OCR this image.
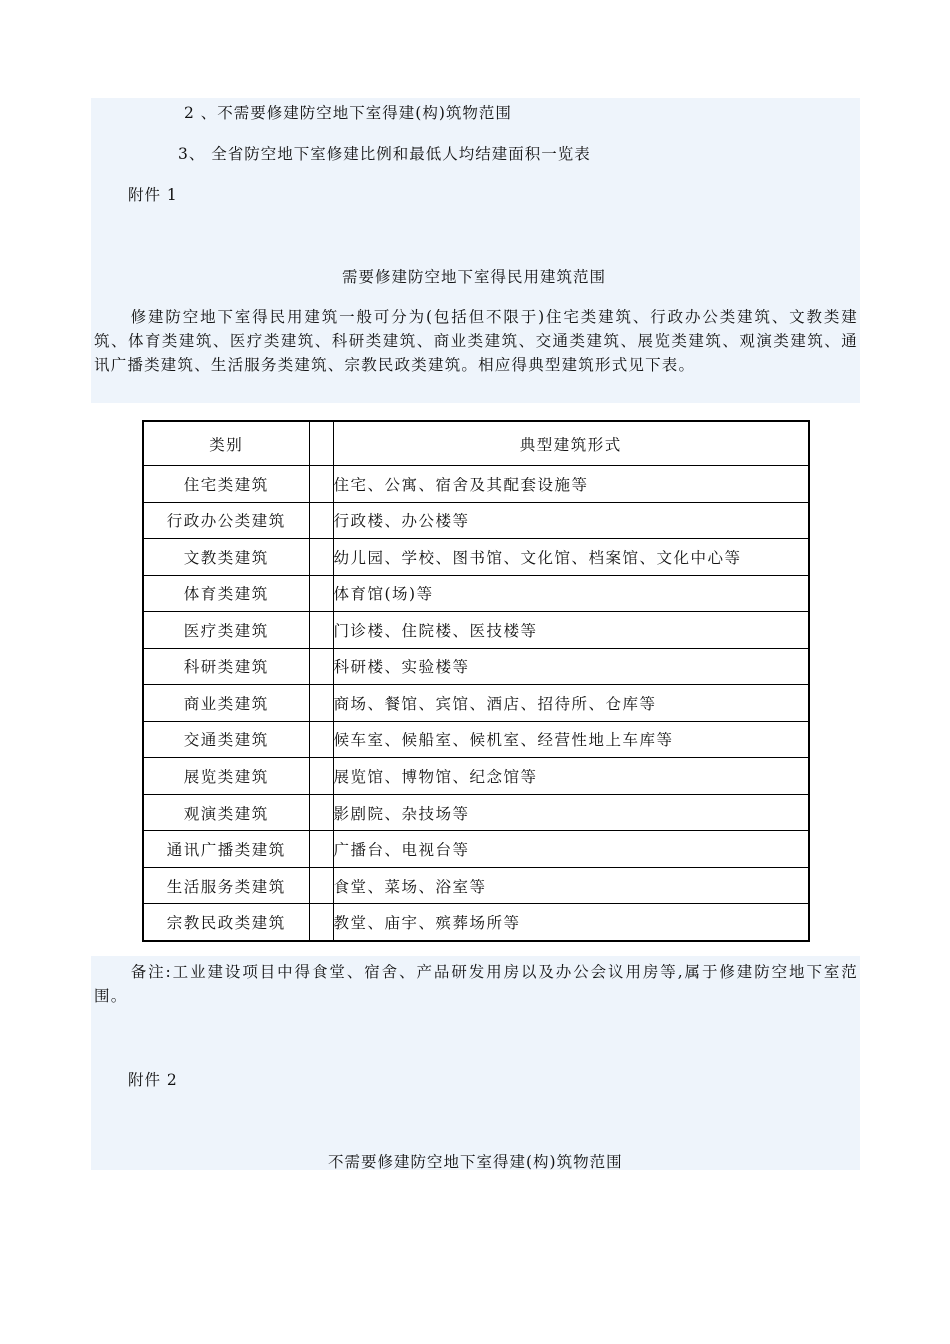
2 、不需要修建防空地下室得建(构)筑物范围
3、 全省防空地下室修建比例和最低人均结建面积一览表
附件 1
需要修建防空地下室得民用建筑范围
修建防空地下室得民用建筑一般可分为(包括但不限于)住宅类建筑、行政办公类建筑、文教类建筑、体育类建筑、医疗类建筑、科研类建筑、商业类建筑、交通类建筑、展览类建筑、观演类建筑、通讯广播类建筑、生活服务类建筑、宗教民政类建筑。相应得典型建筑形式见下表。
类别		典型建筑形式
住宅类建筑		住宅、公寓、宿舍及其配套设施等
行政办公类建筑		行政楼、办公楼等
文教类建筑		幼儿园、学校、图书馆、文化馆、档案馆、文化中心等
体育类建筑		体育馆(场)等
医疗类建筑		门诊楼、住院楼、医技楼等
科研类建筑		科研楼、实验楼等
商业类建筑		商场、餐馆、宾馆、酒店、招待所、仓库等
交通类建筑		候车室、候船室、候机室、经营性地上车库等
展览类建筑		展览馆、博物馆、纪念馆等
观演类建筑		影剧院、杂技场等
通讯广播类建筑		广播台、电视台等
生活服务类建筑		食堂、菜场、浴室等
宗教民政类建筑		教堂、庙宇、殡葬场所等
备注:工业建设项目中得食堂、宿舍、产品研发用房以及办公会议用房等,属于修建防空地下室范围。
附件 2
不需要修建防空地下室得建(构)筑物范围
